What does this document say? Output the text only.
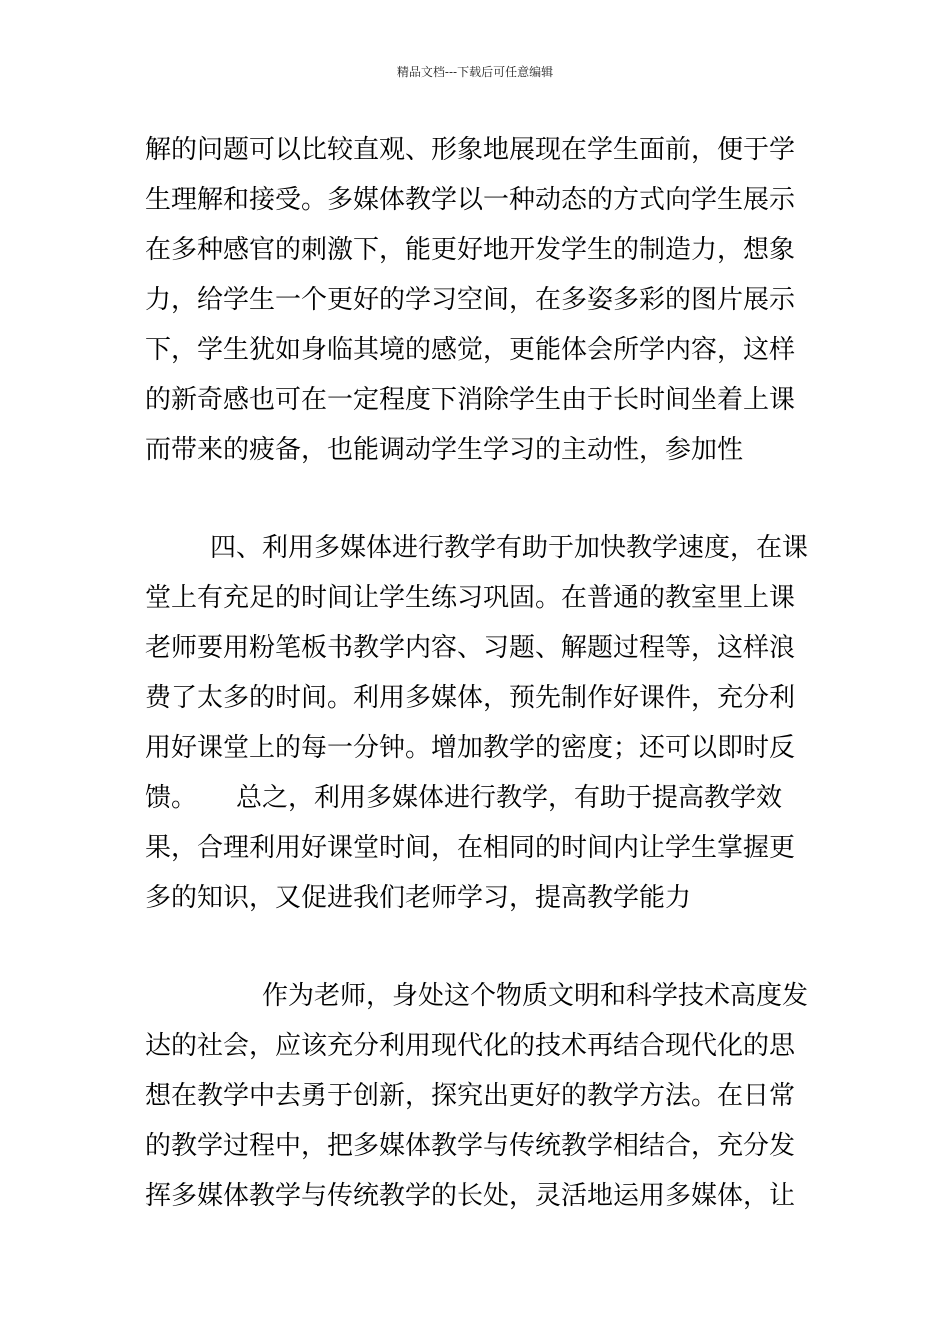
精品文档---下载后可任意编辑
解的问题可以比较直观、形象地展现在学生面前，便于学
生理解和接受。多媒体教学以一种动态的方式向学生展示
在多种感官的刺激下，能更好地开发学生的制造力，想象
力，给学生一个更好的学习空间，在多姿多彩的图片展示
下，学生犹如身临其境的感觉，更能体会所学内容，这样
的新奇感也可在一定程度下消除学生由于长时间坐着上课
而带来的疲备，也能调动学生学习的主动性，参加性
四、利用多媒体进行教学有助于加快教学速度，在课
堂上有充足的时间让学生练习巩固。在普通的教室里上课
老师要用粉笔板书教学内容、习题、解题过程等，这样浪
费了太多的时间。利用多媒体，预先制作好课件，充分利
用好课堂上的每一分钟。增加教学的密度；还可以即时反
馈。　　总之，利用多媒体进行教学，有助于提高教学效
果，合理利用好课堂时间，在相同的时间内让学生掌握更
多的知识，又促进我们老师学习，提高教学能力
作为老师，身处这个物质文明和科学技术高度发
达的社会，应该充分利用现代化的技术再结合现代化的思
想在教学中去勇于创新，探究出更好的教学方法。在日常
的教学过程中，把多媒体教学与传统教学相结合，充分发
挥多媒体教学与传统教学的长处，灵活地运用多媒体，让
